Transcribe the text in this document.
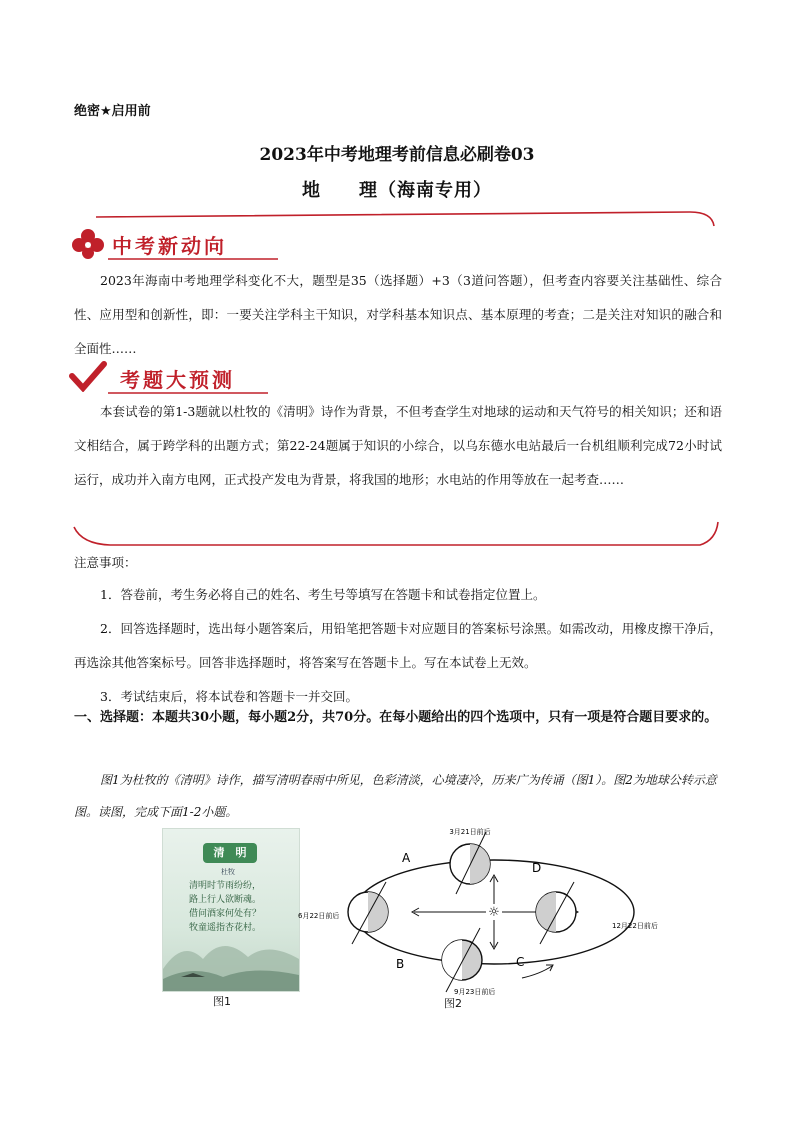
绝密★启用前
2023年中考地理考前信息必刷卷03
地　　理（海南专用）
中考新动向
2023年海南中考地理学科变化不大，题型是35（选择题）+3（3道问答题），但考查内容要关注基础性、综合性、应用型和创新性，即：一要关注学科主干知识，对学科基本知识点、基本原理的考查；二是关注对知识的融合和全面性……
考题大预测
本套试卷的第1-3题就以杜牧的《清明》诗作为背景，不但考查学生对地球的运动和天气符号的相关知识；还和语文相结合，属于跨学科的出题方式；第22-24题属于知识的小综合，以乌东德水电站最后一台机组顺利完成72小时试运行，成功并入南方电网，正式投产发电为背景，将我国的地形；水电站的作用等放在一起考查……
注意事项：
1．答卷前，考生务必将自己的姓名、考生号等填写在答题卡和试卷指定位置上。
2．回答选择题时，选出每小题答案后，用铅笔把答题卡对应题目的答案标号涂黑。如需改动，用橡皮擦干净后，再选涂其他答案标号。回答非选择题时，将答案写在答题卡上。写在本试卷上无效。
3．考试结束后，将本试卷和答题卡一并交回。
一、选择题：本题共30小题，每小题2分，共70分。在每小题给出的四个选项中，只有一项是符合题目要求的。
图1为杜牧的《清明》诗作，描写清明春雨中所见，色彩清淡，心境凄冷，历来广为传诵（图1）。图2为地球公转示意图。读图，完成下面1-2小题。
清　明
杜牧
清明时节雨纷纷，
路上行人欲断魂。
借问酒家何处有？
牧童遥指杏花村。
图1
☼
3月21日前后
6月22日前后
12月22日前后
9月23日前后
A
B	C
D
图2
